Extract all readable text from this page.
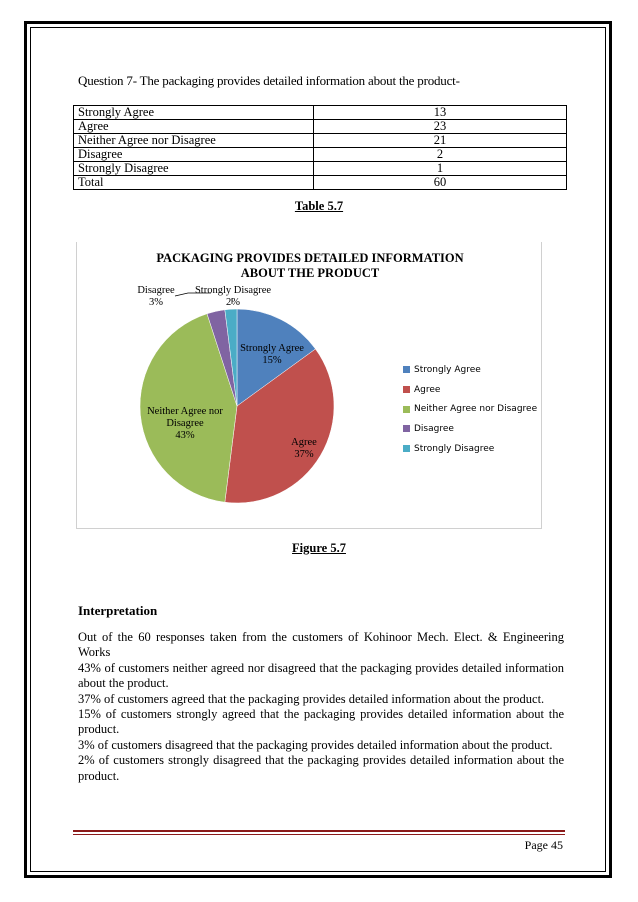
Question 7- The packaging provides detailed information about the product-
Strongly Agree	13
Agree	23
Neither Agree nor Disagree	21
Disagree	2
Strongly Disagree	1
Total	60
Table 5.7
PACKAGING PROVIDES DETAILED INFORMATION ABOUT THE PRODUCT
Strongly Agree
15%
Agree
37%
Neither Agree nor Disagree
43%
Disagree
3%
Strongly Disagree
2%
Strongly Agree
Agree
Neither Agree nor Disagree
Disagree
Strongly Disagree
Figure 5.7
Interpretation

Out of the 60 responses taken from the customers of Kohinoor Mech. Elect. & Engineering Works

43% of customers neither agreed nor disagreed that the packaging provides detailed information about the product.

37% of customers agreed that the packaging provides detailed information about the product.

15% of customers strongly agreed that the packaging provides detailed information about the product.

3% of customers disagreed that the packaging provides detailed information about the product.

2% of customers strongly disagreed that the packaging provides detailed information about the product.

Page 45
